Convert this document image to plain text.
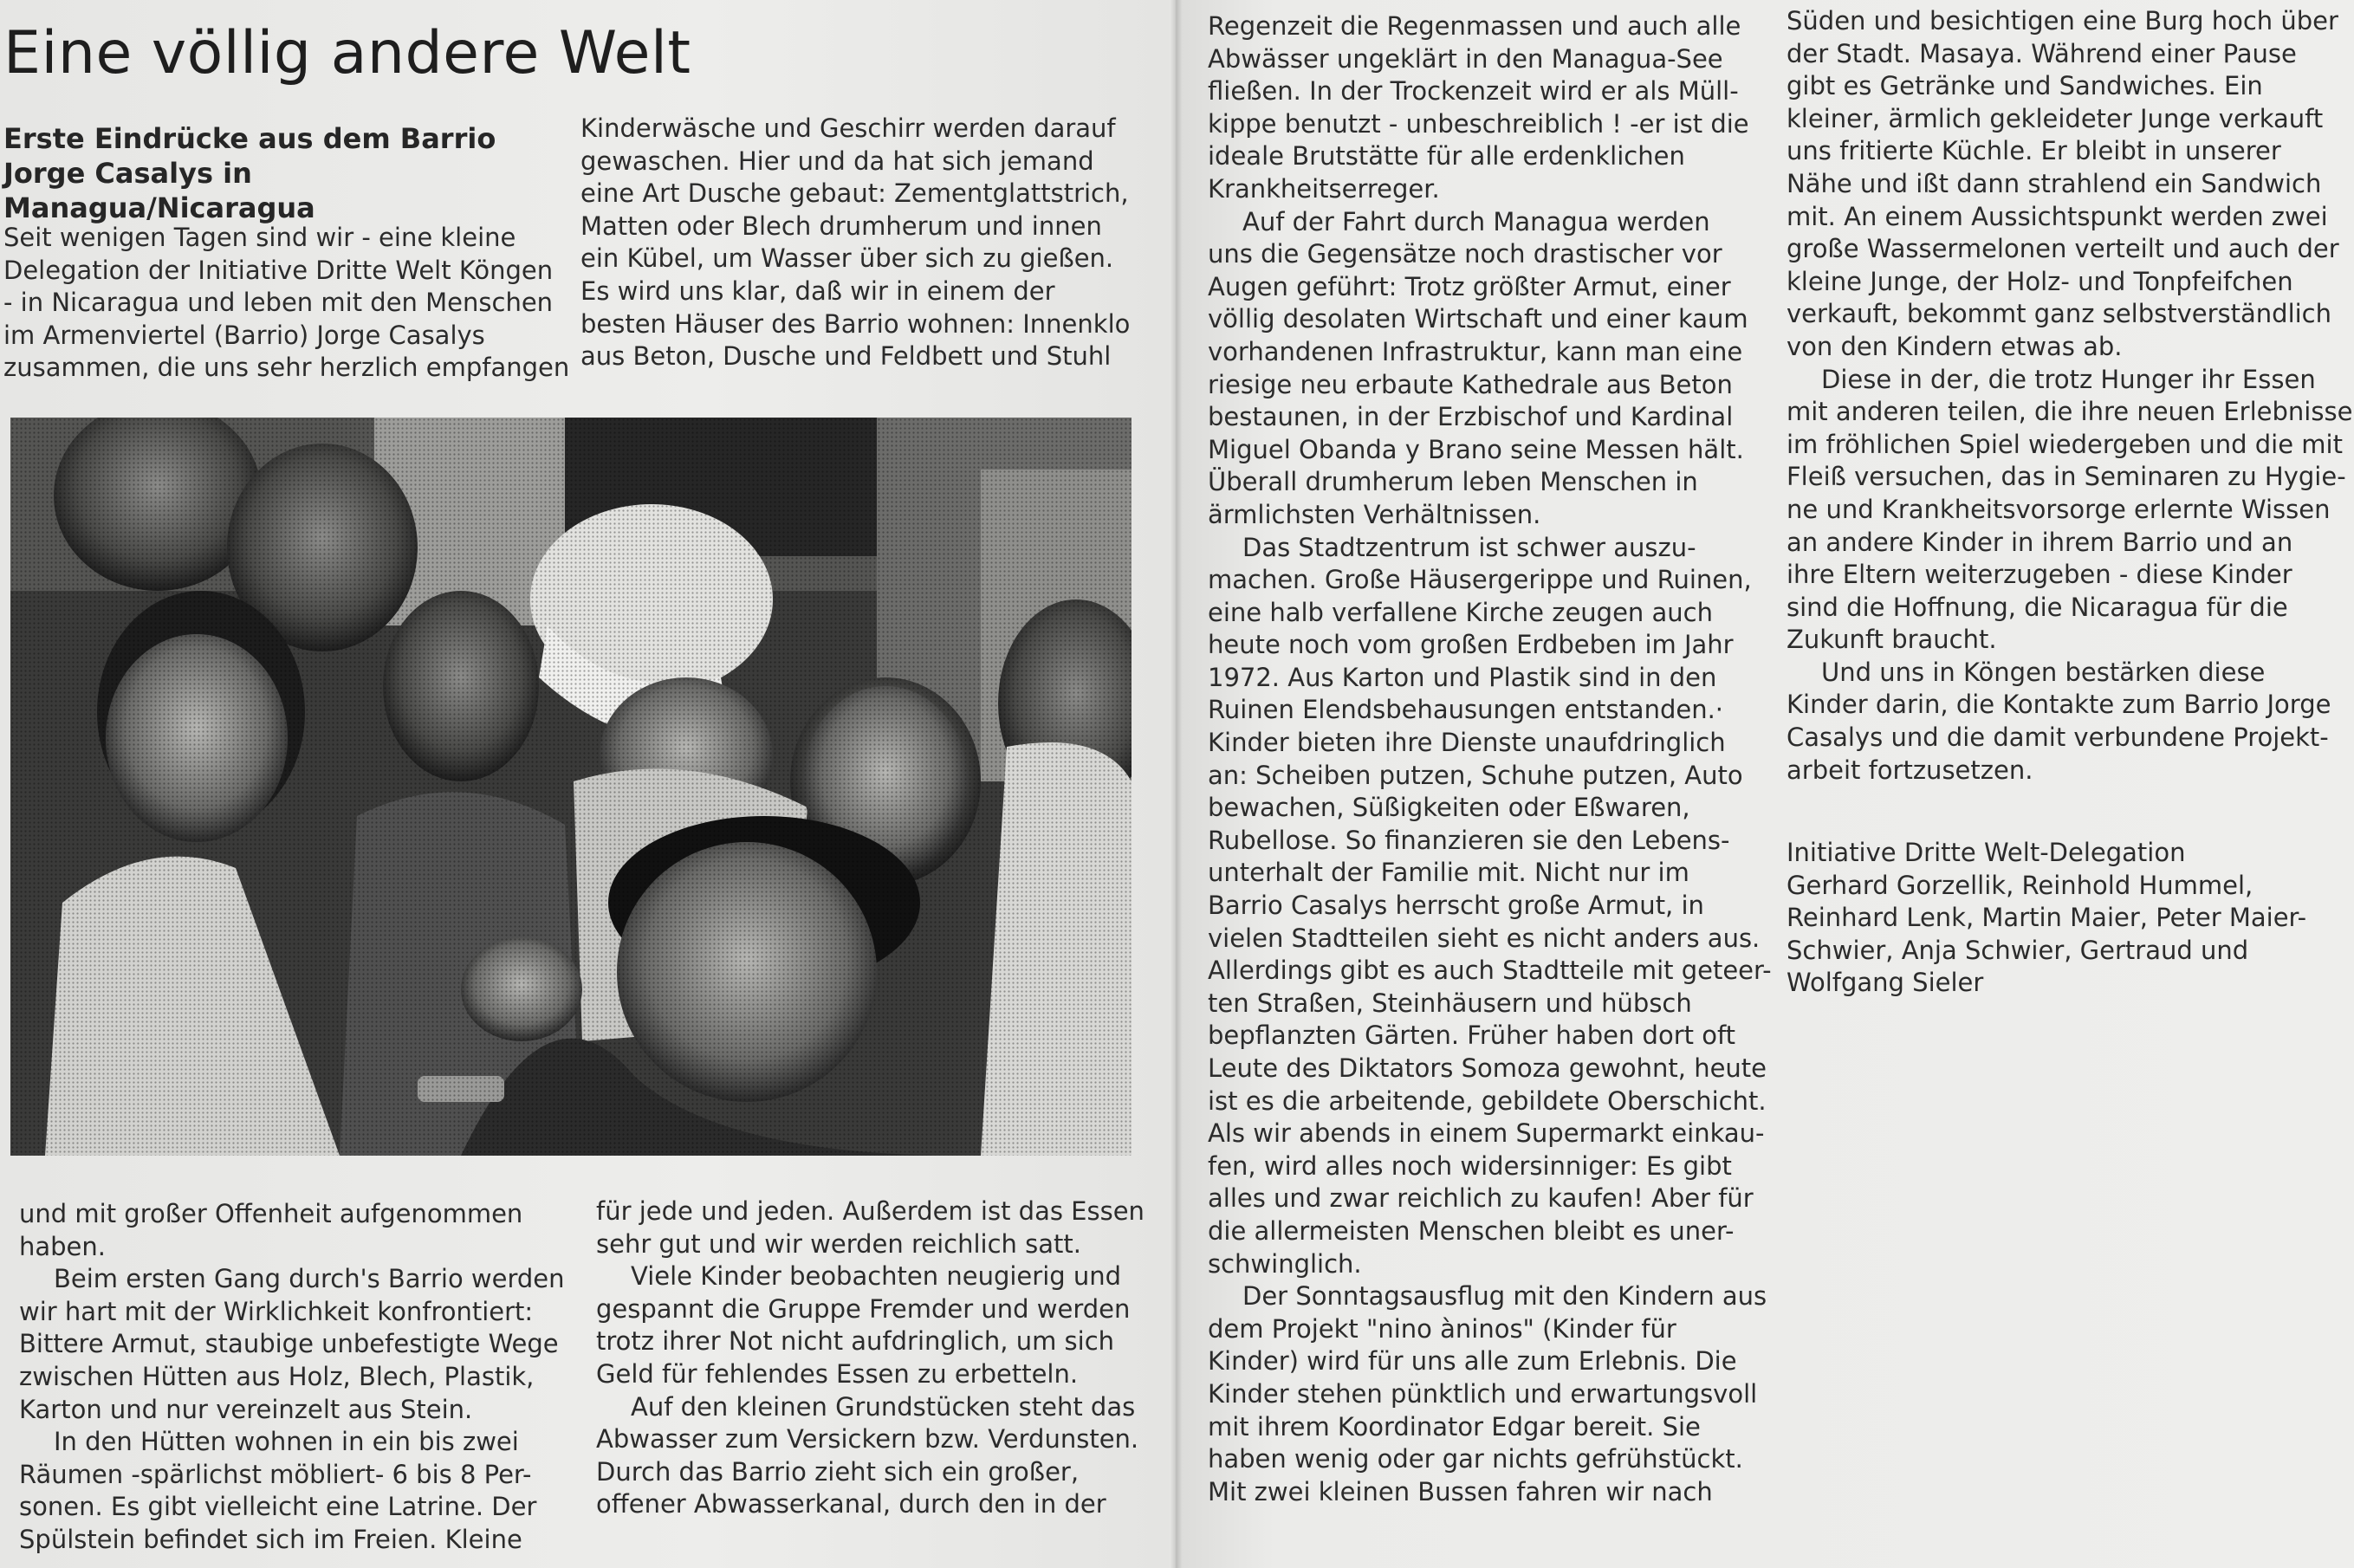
Eine völlig andere Welt
Erste Eindrücke aus dem Barrio Jorge Casalys in Managua/Nicaragua
Seit wenigen Tagen sind wir - eine kleine
Delegation der Initiative Dritte Welt Köngen
- in Nicaragua und leben mit den Menschen
im Armenviertel (Barrio) Jorge Casalys
zusammen, die uns sehr herzlich empfangen
Kinderwäsche und Geschirr werden darauf
gewaschen. Hier und da hat sich jemand
eine Art Dusche gebaut: Zementglattstrich,
Matten oder Blech drumherum und innen
ein Kübel, um Wasser über sich zu gießen.
Es wird uns klar, daß wir in einem der
besten Häuser des Barrio wohnen: Innenklo
aus Beton, Dusche und Feldbett und Stuhl
und mit großer Offenheit aufgenommen
haben.
Beim ersten Gang durch's Barrio werden
wir hart mit der Wirklichkeit konfrontiert:
Bittere Armut, staubige unbefestigte Wege
zwischen Hütten aus Holz, Blech, Plastik,
Karton und nur vereinzelt aus Stein.
In den Hütten wohnen in ein bis zwei
Räumen -spärlichst möbliert- 6 bis 8 Per-
sonen. Es gibt vielleicht eine Latrine. Der
Spülstein befindet sich im Freien. Kleine
für jede und jeden. Außerdem ist das Essen
sehr gut und wir werden reichlich satt.
Viele Kinder beobachten neugierig und
gespannt die Gruppe Fremder und werden
trotz ihrer Not nicht aufdringlich, um sich
Geld für fehlendes Essen zu erbetteln.
Auf den kleinen Grundstücken steht das
Abwasser zum Versickern bzw. Verdunsten.
Durch das Barrio zieht sich ein großer,
offener Abwasserkanal, durch den in der
Regenzeit die Regenmassen und auch alle
Abwässer ungeklärt in den Managua-See
fließen. In der Trockenzeit wird er als Müll-
kippe benutzt - unbeschreiblich ! -er ist die
ideale Brutstätte für alle erdenklichen
Krankheitserreger.
Auf der Fahrt durch Managua werden
uns die Gegensätze noch drastischer vor
Augen geführt: Trotz größter Armut, einer
völlig desolaten Wirtschaft und einer kaum
vorhandenen Infrastruktur, kann man eine
riesige neu erbaute Kathedrale aus Beton
bestaunen, in der Erzbischof und Kardinal
Miguel Obanda y Brano seine Messen hält.
Überall drumherum leben Menschen in
ärmlichsten Verhältnissen.
Das Stadtzentrum ist schwer auszu-
machen. Große Häusergerippe und Ruinen,
eine halb verfallene Kirche zeugen auch
heute noch vom großen Erdbeben im Jahr
1972. Aus Karton und Plastik sind in den
Ruinen Elendsbehausungen entstanden.·
Kinder bieten ihre Dienste unaufdringlich
an: Scheiben putzen, Schuhe putzen, Auto
bewachen, Süßigkeiten oder Eßwaren,
Rubellose. So finanzieren sie den Lebens-
unterhalt der Familie mit. Nicht nur im
Barrio Casalys herrscht große Armut, in
vielen Stadtteilen sieht es nicht anders aus.
Allerdings gibt es auch Stadtteile mit geteer-
ten Straßen, Steinhäusern und hübsch
bepflanzten Gärten. Früher haben dort oft
Leute des Diktators Somoza gewohnt, heute
ist es die arbeitende, gebildete Oberschicht.
Als wir abends in einem Supermarkt einkau-
fen, wird alles noch widersinniger: Es gibt
alles und zwar reichlich zu kaufen! Aber für
die allermeisten Menschen bleibt es uner-
schwinglich.
Der Sonntagsausflug mit den Kindern aus
dem Projekt "nino àninos" (Kinder für
Kinder) wird für uns alle zum Erlebnis. Die
Kinder stehen pünktlich und erwartungsvoll
mit ihrem Koordinator Edgar bereit. Sie
haben wenig oder gar nichts gefrühstückt.
Mit zwei kleinen Bussen fahren wir nach
Süden und besichtigen eine Burg hoch über
der Stadt. Masaya. Während einer Pause
gibt es Getränke und Sandwiches. Ein
kleiner, ärmlich gekleideter Junge verkauft
uns fritierte Küchle. Er bleibt in unserer
Nähe und ißt dann strahlend ein Sandwich
mit. An einem Aussichtspunkt werden zwei
große Wassermelonen verteilt und auch der
kleine Junge, der Holz- und Tonpfeifchen
verkauft, bekommt ganz selbstverständlich
von den Kindern etwas ab.
Diese in der, die trotz Hunger ihr Essen
mit anderen teilen, die ihre neuen Erlebnisse
im fröhlichen Spiel wiedergeben und die mit
Fleiß versuchen, das in Seminaren zu Hygie-
ne und Krankheitsvorsorge erlernte Wissen
an andere Kinder in ihrem Barrio und an
ihre Eltern weiterzugeben - diese Kinder
sind die Hoffnung, die Nicaragua für die
Zukunft braucht.
Und uns in Köngen bestärken diese
Kinder darin, die Kontakte zum Barrio Jorge
Casalys und die damit verbundene Projekt-
arbeit fortzusetzen.
Initiative Dritte Welt-Delegation
Gerhard Gorzellik, Reinhold Hummel,
Reinhard Lenk, Martin Maier, Peter Maier-
Schwier, Anja Schwier, Gertraud und
Wolfgang Sieler
